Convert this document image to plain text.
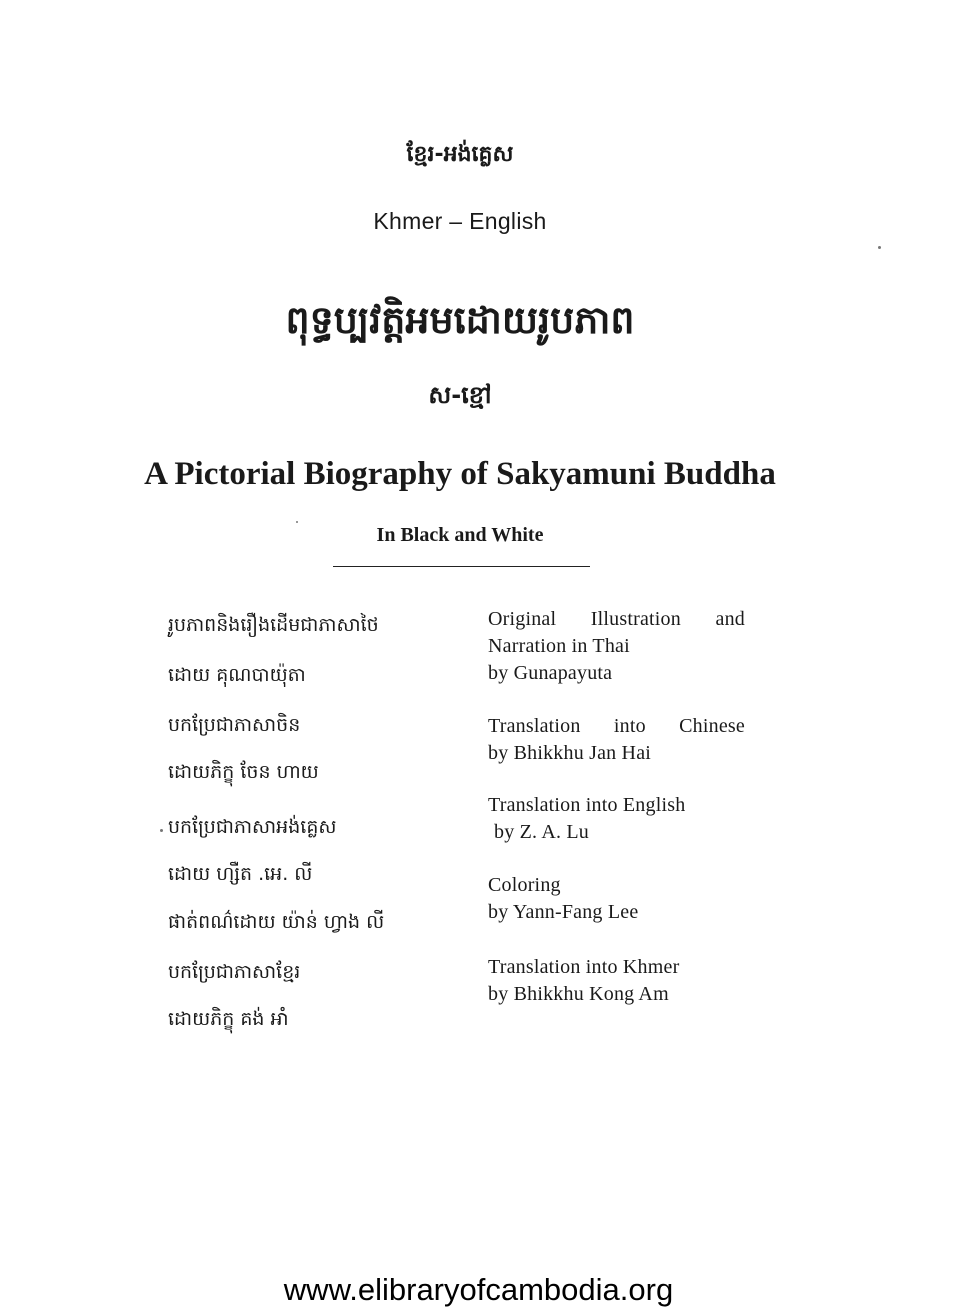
ខ្មែរ-អង់គ្លេស
Khmer – English
ពុទ្ធប្បវត្តិអមដោយរូបភាព
ស-ខ្មៅ
A Pictorial Biography of Sakyamuni Buddha
In Black and White
រូបភាពនិងរឿងដើមជាភាសាថៃ
ដោយ គុណបាយ៉ុតា
បកប្រែជាភាសាចិន
ដោយភិក្ខុ ចែន ហាយ
បកប្រែជាភាសាអង់គ្លេស
ដោយ ហ្សឺត .អេ. លី
ផាត់ពណ៌ដោយ យ៉ាន់ ហ្វាង លី
បកប្រែជាភាសាខ្មែរ
ដោយភិក្ខុ គង់ អាំ
Original Illustration and
Narration in Thai
by Gunapayuta
Translation into Chinese
by Bhikkhu Jan Hai
Translation into English
by Z. A. Lu
Coloring
by Yann-Fang Lee
Translation into Khmer
by Bhikkhu Kong Am
www.elibraryofcambodia.org
